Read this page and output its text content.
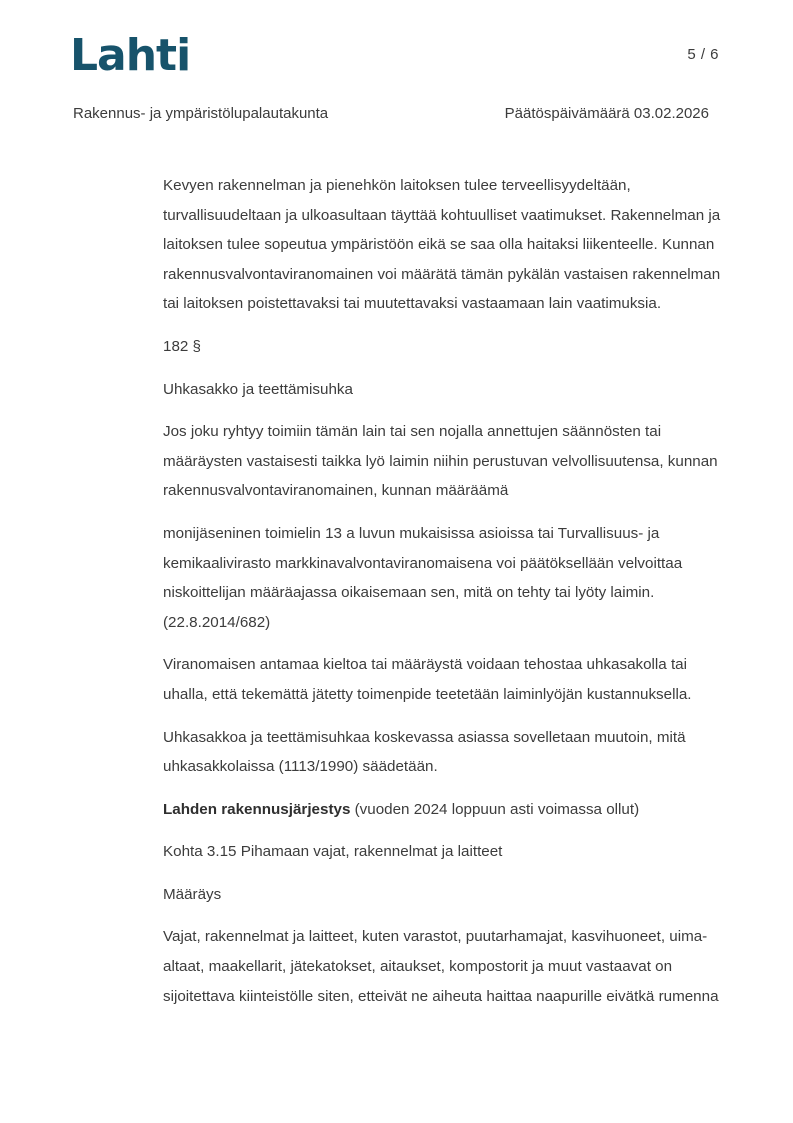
Lahti	5 / 6
Rakennus- ja ympäristölupalautakunta	Päätöspäivämäärä 03.02.2026

Kevyen rakennelman ja pienehkön laitoksen tulee terveellisyydeltään,
turvallisuudeltaan ja ulkoasultaan täyttää kohtuulliset vaatimukset. Rakennelman ja
laitoksen tulee sopeutua ympäristöön eikä se saa olla haitaksi liikenteelle. Kunnan
rakennusvalvontaviranomainen voi määrätä tämän pykälän vastaisen rakennelman
tai laitoksen poistettavaksi tai muutettavaksi vastaamaan lain vaatimuksia.

182 §

Uhkasakko ja teettämisuhka

Jos joku ryhtyy toimiin tämän lain tai sen nojalla annettujen säännösten tai
määräysten vastaisesti taikka lyö laimin niihin perustuvan velvollisuutensa, kunnan
rakennusvalvontaviranomainen, kunnan määräämä

monijäseninen toimielin 13 a luvun mukaisissa asioissa tai Turvallisuus- ja
kemikaalivirasto markkinavalvontaviranomaisena voi päätöksellään velvoittaa
niskoittelijan määräajassa oikaisemaan sen, mitä on tehty tai lyöty laimin.
(22.8.2014/682)

Viranomaisen antamaa kieltoa tai määräystä voidaan tehostaa uhkasakolla tai
uhalla, että tekemättä jätetty toimenpide teetetään laiminlyöjän kustannuksella.

Uhkasakkoa ja teettämisuhkaa koskevassa asiassa sovelletaan muutoin, mitä
uhkasakkolaissa (1113/1990) säädetään.

Lahden rakennusjärjestys (vuoden 2024 loppuun asti voimassa ollut)

Kohta 3.15 Pihamaan vajat, rakennelmat ja laitteet

Määräys

Vajat, rakennelmat ja laitteet, kuten varastot, puutarhamajat, kasvihuoneet, uima-
altaat, maakellarit, jätekatokset, aitaukset, kompostorit ja muut vastaavat on
sijoitettava kiinteistölle siten, etteivät ne aiheuta haittaa naapurille eivätkä rumenna
